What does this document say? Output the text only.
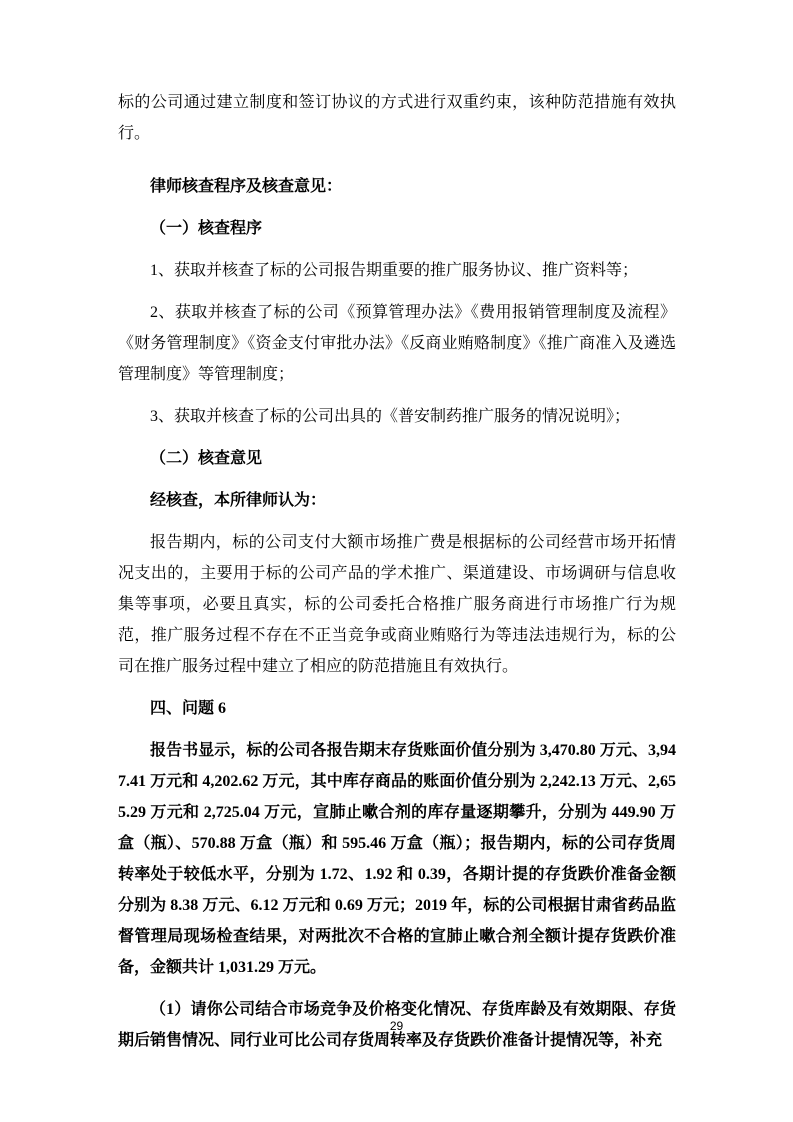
标的公司通过建立制度和签订协议的方式进行双重约束，该种防范措施有效执行。

律师核查程序及核查意见：

（一）核查程序

1、获取并核查了标的公司报告期重要的推广服务协议、推广资料等；

2、获取并核查了标的公司《预算管理办法》《费用报销管理制度及流程》《财务管理制度》《资金支付审批办法》《反商业贿赂制度》《推广商准入及遴选管理制度》等管理制度；

3、获取并核查了标的公司出具的《普安制药推广服务的情况说明》；

（二）核查意见

经核查，本所律师认为：

报告期内，标的公司支付大额市场推广费是根据标的公司经营市场开拓情况支出的，主要用于标的公司产品的学术推广、渠道建设、市场调研与信息收集等事项，必要且真实，标的公司委托合格推广服务商进行市场推广行为规范，推广服务过程不存在不正当竞争或商业贿赂行为等违法违规行为，标的公司在推广服务过程中建立了相应的防范措施且有效执行。

四、问题 6

报告书显示，标的公司各报告期末存货账面价值分别为 3,470.80 万元、3,947.41 万元和 4,202.62 万元，其中库存商品的账面价值分别为 2,242.13 万元、2,655.29 万元和 2,725.04 万元，宣肺止嗽合剂的库存量逐期攀升，分别为 449.90 万盒（瓶）、570.88 万盒（瓶）和 595.46 万盒（瓶）；报告期内，标的公司存货周转率处于较低水平，分别为 1.72、1.92 和 0.39，各期计提的存货跌价准备金额分别为 8.38 万元、6.12 万元和 0.69 万元；2019 年，标的公司根据甘肃省药品监督管理局现场检查结果，对两批次不合格的宣肺止嗽合剂全额计提存货跌价准备，金额共计 1,031.29 万元。

（1）请你公司结合市场竞争及价格变化情况、存货库龄及有效期限、存货期后销售情况、同行业可比公司存货周转率及存货跌价准备计提情况等，补充

29
